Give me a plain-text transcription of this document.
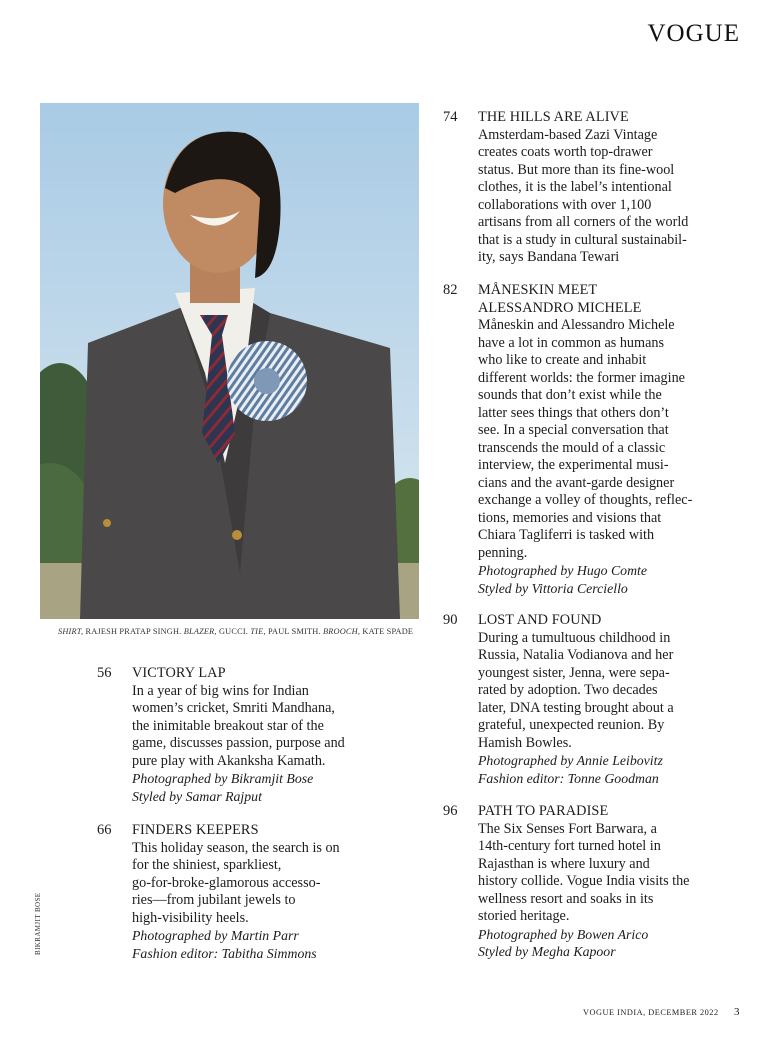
VOGUE
SHIRT, RAJESH PRATAP SINGH. BLAZER, GUCCI. TIE, PAUL SMITH. BROOCH, KATE SPADE
BIKRAMJIT BOSE
56 VICTORY LAP
In a year of big wins for Indian
women’s cricket, Smriti Mandhana,
the inimitable breakout star of the
game, discusses passion, purpose and
pure play with Akanksha Kamath.
Photographed by Bikramjit Bose
Styled by Samar Rajput
66 FINDERS KEEPERS
This holiday season, the search is on
for the shiniest, sparkliest,
go-for-broke-glamorous accesso-
ries—from jubilant jewels to
high-visibility heels.
Photographed by Martin Parr
Fashion editor: Tabitha Simmons
74 THE HILLS ARE ALIVE
Amsterdam-based Zazi Vintage
creates coats worth top-drawer
status. But more than its fine-wool
clothes, it is the label’s intentional
collaborations with over 1,100
artisans from all corners of the world
that is a study in cultural sustainabil-
ity, says Bandana Tewari
82 MÅNESKIN MEET
ALESSANDRO MICHELE
Måneskin and Alessandro Michele
have a lot in common as humans
who like to create and inhabit
different worlds: the former imagine
sounds that don’t exist while the
latter sees things that others don’t
see. In a special conversation that
transcends the mould of a classic
interview, the experimental musi-
cians and the avant-garde designer
exchange a volley of thoughts, reflec-
tions, memories and visions that
Chiara Tagliferri is tasked with
penning.
Photographed by Hugo Comte
Styled by Vittoria Cerciello
90 LOST AND FOUND
During a tumultuous childhood in
Russia, Natalia Vodianova and her
youngest sister, Jenna, were sepa-
rated by adoption. Two decades
later, DNA testing brought about a
grateful, unexpected reunion. By
Hamish Bowles.
Photographed by Annie Leibovitz
Fashion editor: Tonne Goodman
96 PATH TO PARADISE
The Six Senses Fort Barwara, a
14th-century fort turned hotel in
Rajasthan is where luxury and
history collide. Vogue India visits the
wellness resort and soaks in its
storied heritage.
Photographed by Bowen Arico
Styled by Megha Kapoor
VOGUE INDIA, DECEMBER 2022 3
